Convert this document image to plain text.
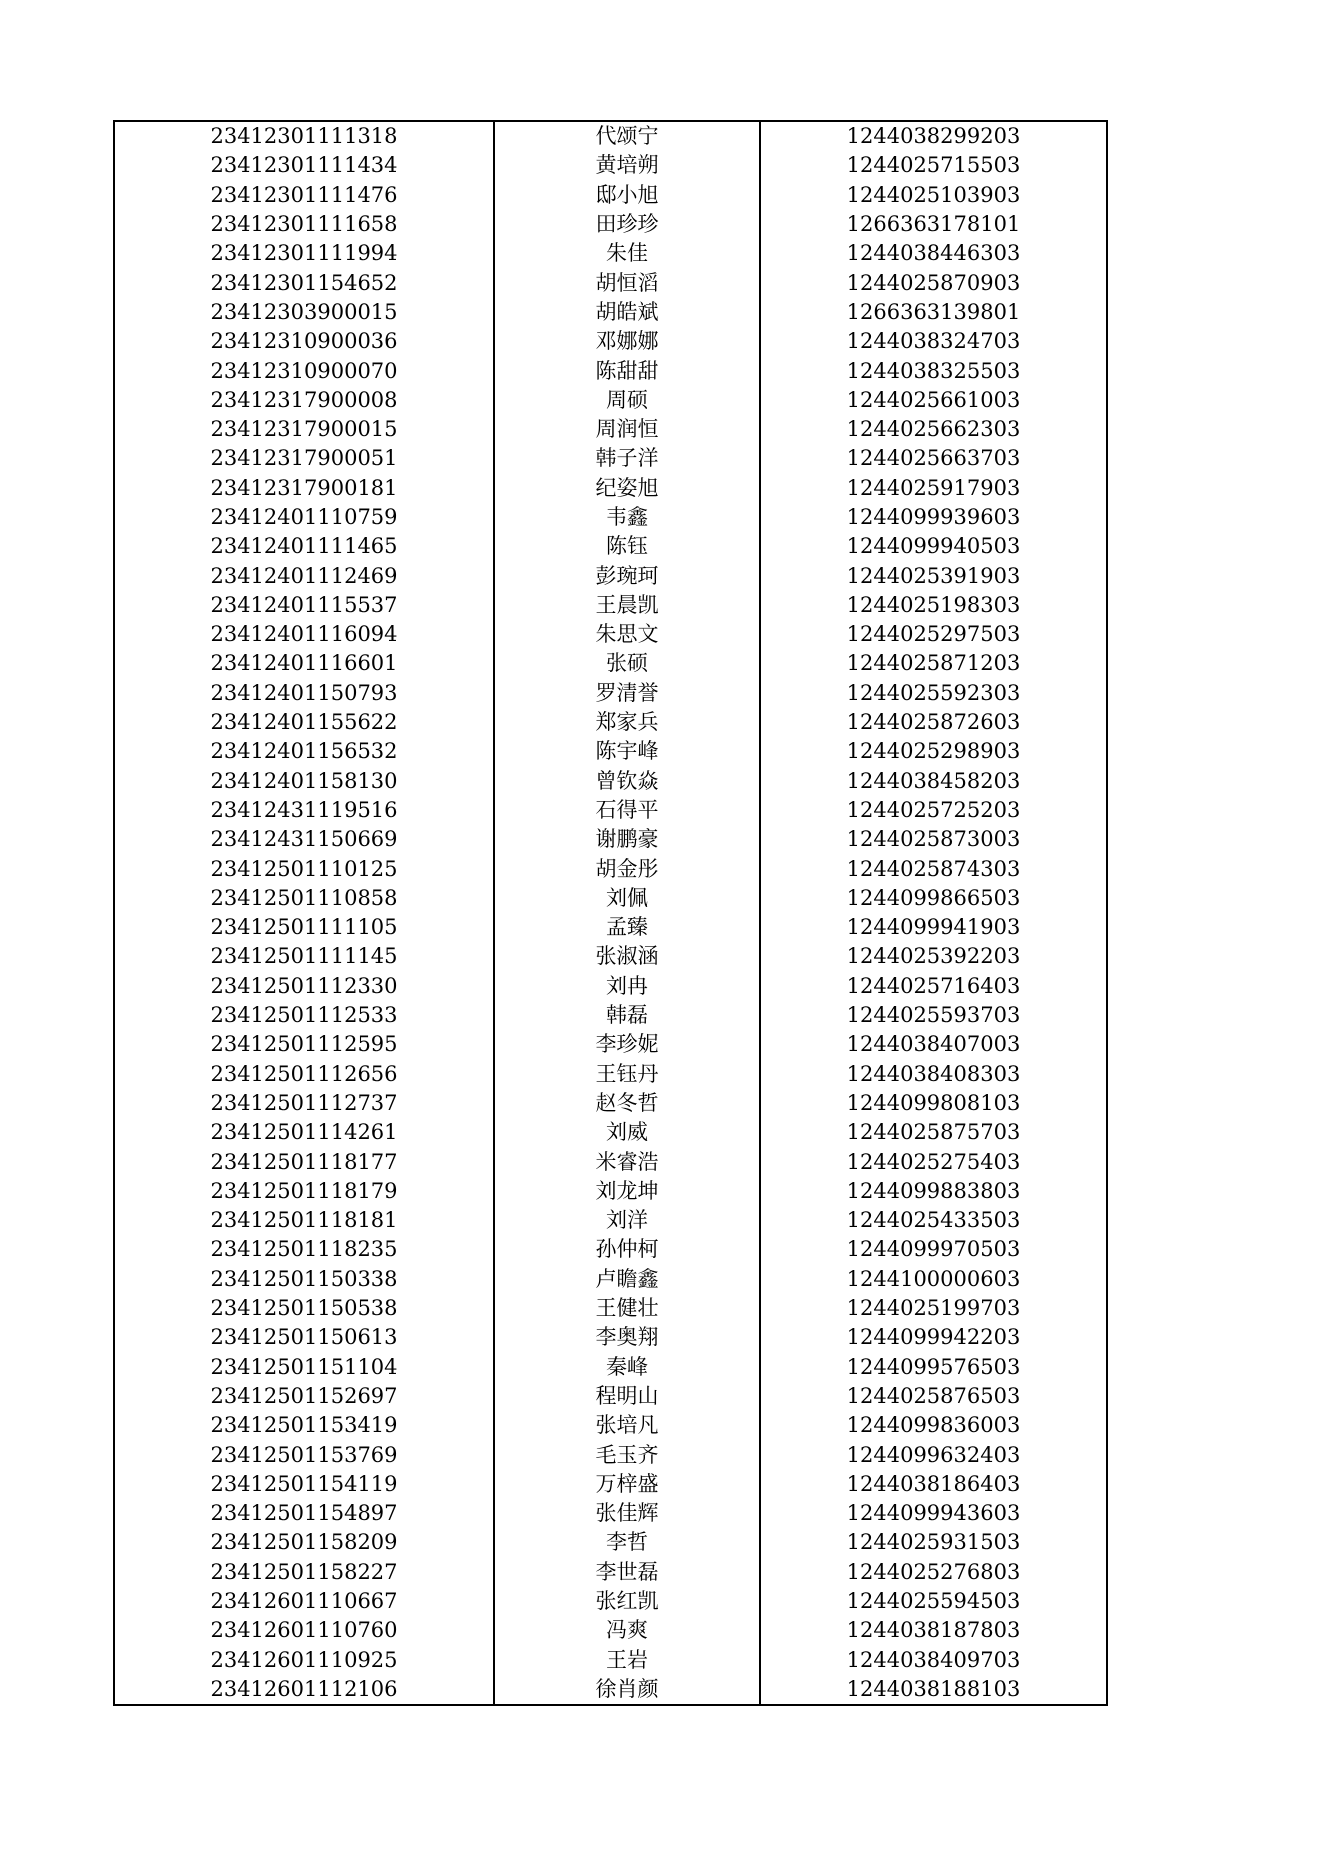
23412301111318	代颂宁	1244038299203
23412301111434	黄培朔	1244025715503
23412301111476	邸小旭	1244025103903
23412301111658	田珍珍	1266363178101
23412301111994	朱佳	1244038446303
23412301154652	胡恒滔	1244025870903
23412303900015	胡皓斌	1266363139801
23412310900036	邓娜娜	1244038324703
23412310900070	陈甜甜	1244038325503
23412317900008	周硕	1244025661003
23412317900015	周润恒	1244025662303
23412317900051	韩子洋	1244025663703
23412317900181	纪姿旭	1244025917903
23412401110759	韦鑫	1244099939603
23412401111465	陈钰	1244099940503
23412401112469	彭琬珂	1244025391903
23412401115537	王晨凯	1244025198303
23412401116094	朱思文	1244025297503
23412401116601	张硕	1244025871203
23412401150793	罗清誉	1244025592303
23412401155622	郑家兵	1244025872603
23412401156532	陈宇峰	1244025298903
23412401158130	曾钦焱	1244038458203
23412431119516	石得平	1244025725203
23412431150669	谢鹏豪	1244025873003
23412501110125	胡金彤	1244025874303
23412501110858	刘佩	1244099866503
23412501111105	孟臻	1244099941903
23412501111145	张淑涵	1244025392203
23412501112330	刘冉	1244025716403
23412501112533	韩磊	1244025593703
23412501112595	李珍妮	1244038407003
23412501112656	王钰丹	1244038408303
23412501112737	赵冬哲	1244099808103
23412501114261	刘威	1244025875703
23412501118177	米睿浩	1244025275403
23412501118179	刘龙坤	1244099883803
23412501118181	刘洋	1244025433503
23412501118235	孙仲柯	1244099970503
23412501150338	卢瞻鑫	1244100000603
23412501150538	王健壮	1244025199703
23412501150613	李奥翔	1244099942203
23412501151104	秦峰	1244099576503
23412501152697	程明山	1244025876503
23412501153419	张培凡	1244099836003
23412501153769	毛玉齐	1244099632403
23412501154119	万梓盛	1244038186403
23412501154897	张佳辉	1244099943603
23412501158209	李哲	1244025931503
23412501158227	李世磊	1244025276803
23412601110667	张红凯	1244025594503
23412601110760	冯爽	1244038187803
23412601110925	王岩	1244038409703
23412601112106	徐肖颜	1244038188103
